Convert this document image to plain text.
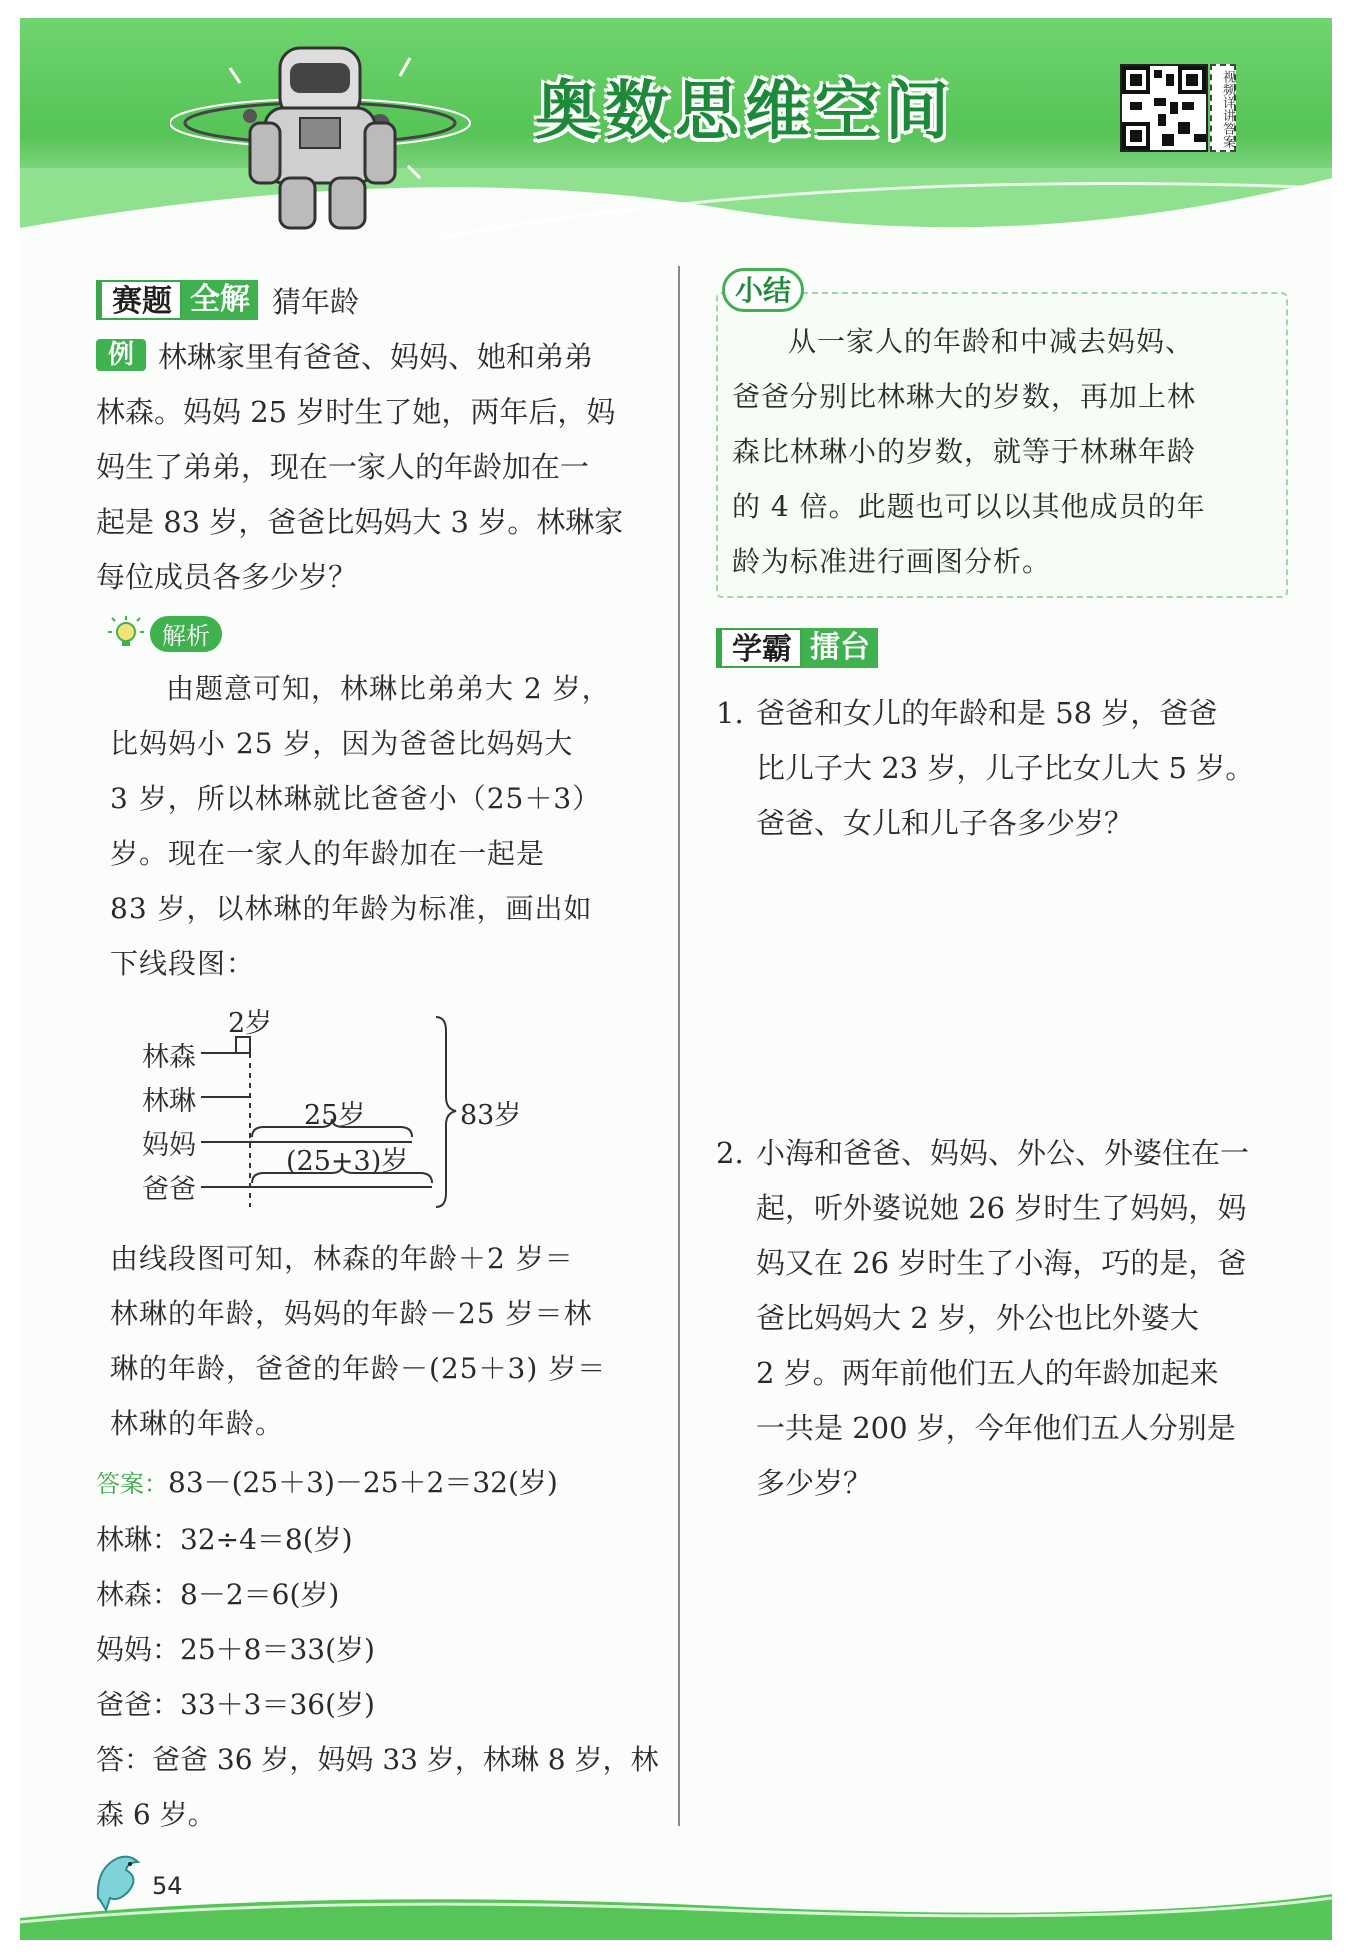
奥数思维空间	视频详讲答案
赛题 全解 猜年龄
例 林琳家里有爸爸、妈妈、她和弟弟
林森。妈妈 25 岁时生了她，两年后，妈
妈生了弟弟，现在一家人的年龄加在一
起是 83 岁，爸爸比妈妈大 3 岁。林琳家
每位成员各多少岁？
解析
由题意可知，林琳比弟弟大 2 岁，
比妈妈小 25 岁，因为爸爸比妈妈大
3 岁，所以林琳就比爸爸小（25＋3）
岁。现在一家人的年龄加在一起是
83 岁，以林琳的年龄为标准，画出如
下线段图：
林森
林琳
妈妈
爸爸
2岁
25岁
(25+3)岁
83岁
由线段图可知，林森的年龄＋2 岁＝
林琳的年龄，妈妈的年龄－25 岁＝林
琳的年龄，爸爸的年龄－(25＋3) 岁＝
林琳的年龄。
答案：83－(25＋3)－25＋2＝32(岁)
林琳：32÷4＝8(岁)
林森：8－2＝6(岁)
妈妈：25＋8＝33(岁)
爸爸：33＋3＝36(岁)
答：爸爸 36 岁，妈妈 33 岁，林琳 8 岁，林
森 6 岁。
小结
从一家人的年龄和中减去妈妈、
爸爸分别比林琳大的岁数，再加上林
森比林琳小的岁数，就等于林琳年龄
的 4 倍。此题也可以以其他成员的年
龄为标准进行画图分析。
学霸 擂台
1. 爸爸和女儿的年龄和是 58 岁，爸爸
比儿子大 23 岁，儿子比女儿大 5 岁。
爸爸、女儿和儿子各多少岁？
2. 小海和爸爸、妈妈、外公、外婆住在一
起，听外婆说她 26 岁时生了妈妈，妈
妈又在 26 岁时生了小海，巧的是，爸
爸比妈妈大 2 岁，外公也比外婆大
2 岁。两年前他们五人的年龄加起来
一共是 200 岁，今年他们五人分别是
多少岁？
54
